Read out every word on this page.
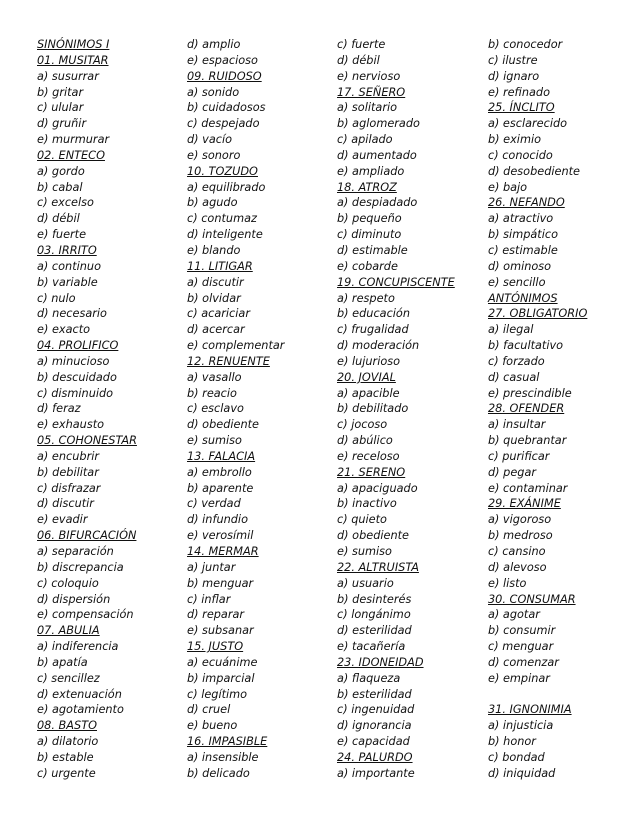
SINÓNIMOS I
01. MUSITAR
a) susurrar
b) gritar
c) ulular
d) gruñir
e) murmurar
02. ENTECO
a) gordo
b) cabal
c) excelso
d) débil
e) fuerte
03. IRRITO
a) continuo
b) variable
c) nulo
d) necesario
e) exacto
04. PROLIFICO
a) minucioso
b) descuidado
c) disminuido
d) feraz
e) exhausto
05. COHONESTAR
a) encubrir
b) debilitar
c) disfrazar
d) discutir
e) evadir
06. BIFURCACIÓN
a) separación
b) discrepancia
c) coloquio
d) dispersión
e) compensación
07. ABULIA
a) indiferencia
b) apatía
c) sencillez
d) extenuación
e) agotamiento
08. BASTO
a) dilatorio
b) estable
c) urgente
d) amplio
e) espacioso
09. RUIDOSO
a) sonido
b) cuidadosos
c) despejado
d) vacío
e) sonoro
10. TOZUDO
a) equilibrado
b) agudo
c) contumaz
d) inteligente
e) blando
11. LITIGAR
a) discutir
b) olvidar
c) acariciar
d) acercar
e) complementar
12. RENUENTE
a) vasallo
b) reacio
c) esclavo
d) obediente
e) sumiso
13. FALACIA
a) embrollo
b) aparente
c) verdad
d) infundio
e) verosímil
14. MERMAR
a) juntar
b) menguar
c) inflar
d) reparar
e) subsanar
15. JUSTO
a) ecuánime
b) imparcial
c) legítimo
d) cruel
e) bueno
16. IMPASIBLE
a) insensible
b) delicado
c) fuerte
d) débil
e) nervioso
17. SEÑERO
a) solitario
b) aglomerado
c) apilado
d) aumentado
e) ampliado
18. ATROZ
a) despiadado
b) pequeño
c) diminuto
d) estimable
e) cobarde
19. CONCUPISCENTE
a) respeto
b) educación
c) frugalidad
d) moderación
e) lujurioso
20. JOVIAL
a) apacible
b) debilitado
c) jocoso
d) abúlico
e) receloso
21. SERENO
a) apaciguado
b) inactivo
c) quieto
d) obediente
e) sumiso
22. ALTRUISTA
a) usuario
b) desinterés
c) longánimo
d) esterilidad
e) tacañería
23. IDONEIDAD
a) flaqueza
b) esterilidad
c) ingenuidad
d) ignorancia
e) capacidad
24. PALURDO
a) importante
b) conocedor
c) ilustre
d) ignaro
e) refinado
25. ÍNCLITO
a) esclarecido
b) eximio
c) conocido
d) desobediente
e) bajo
26. NEFANDO
a) atractivo
b) simpático
c) estimable
d) ominoso
e) sencillo
ANTÓNIMOS
27. OBLIGATORIO
a) ilegal
b) facultativo
c) forzado
d) casual
e) prescindible
28. OFENDER
a) insultar
b) quebrantar
c) purificar
d) pegar
e) contaminar
29. EXÁNIME
a) vigoroso
b) medroso
c) cansino
d) alevoso
e) listo
30. CONSUMAR
a) agotar
b) consumir
c) menguar
d) comenzar
e) empinar
31. IGNONIMIA
a) injusticia
b) honor
c) bondad
d) iniquidad
